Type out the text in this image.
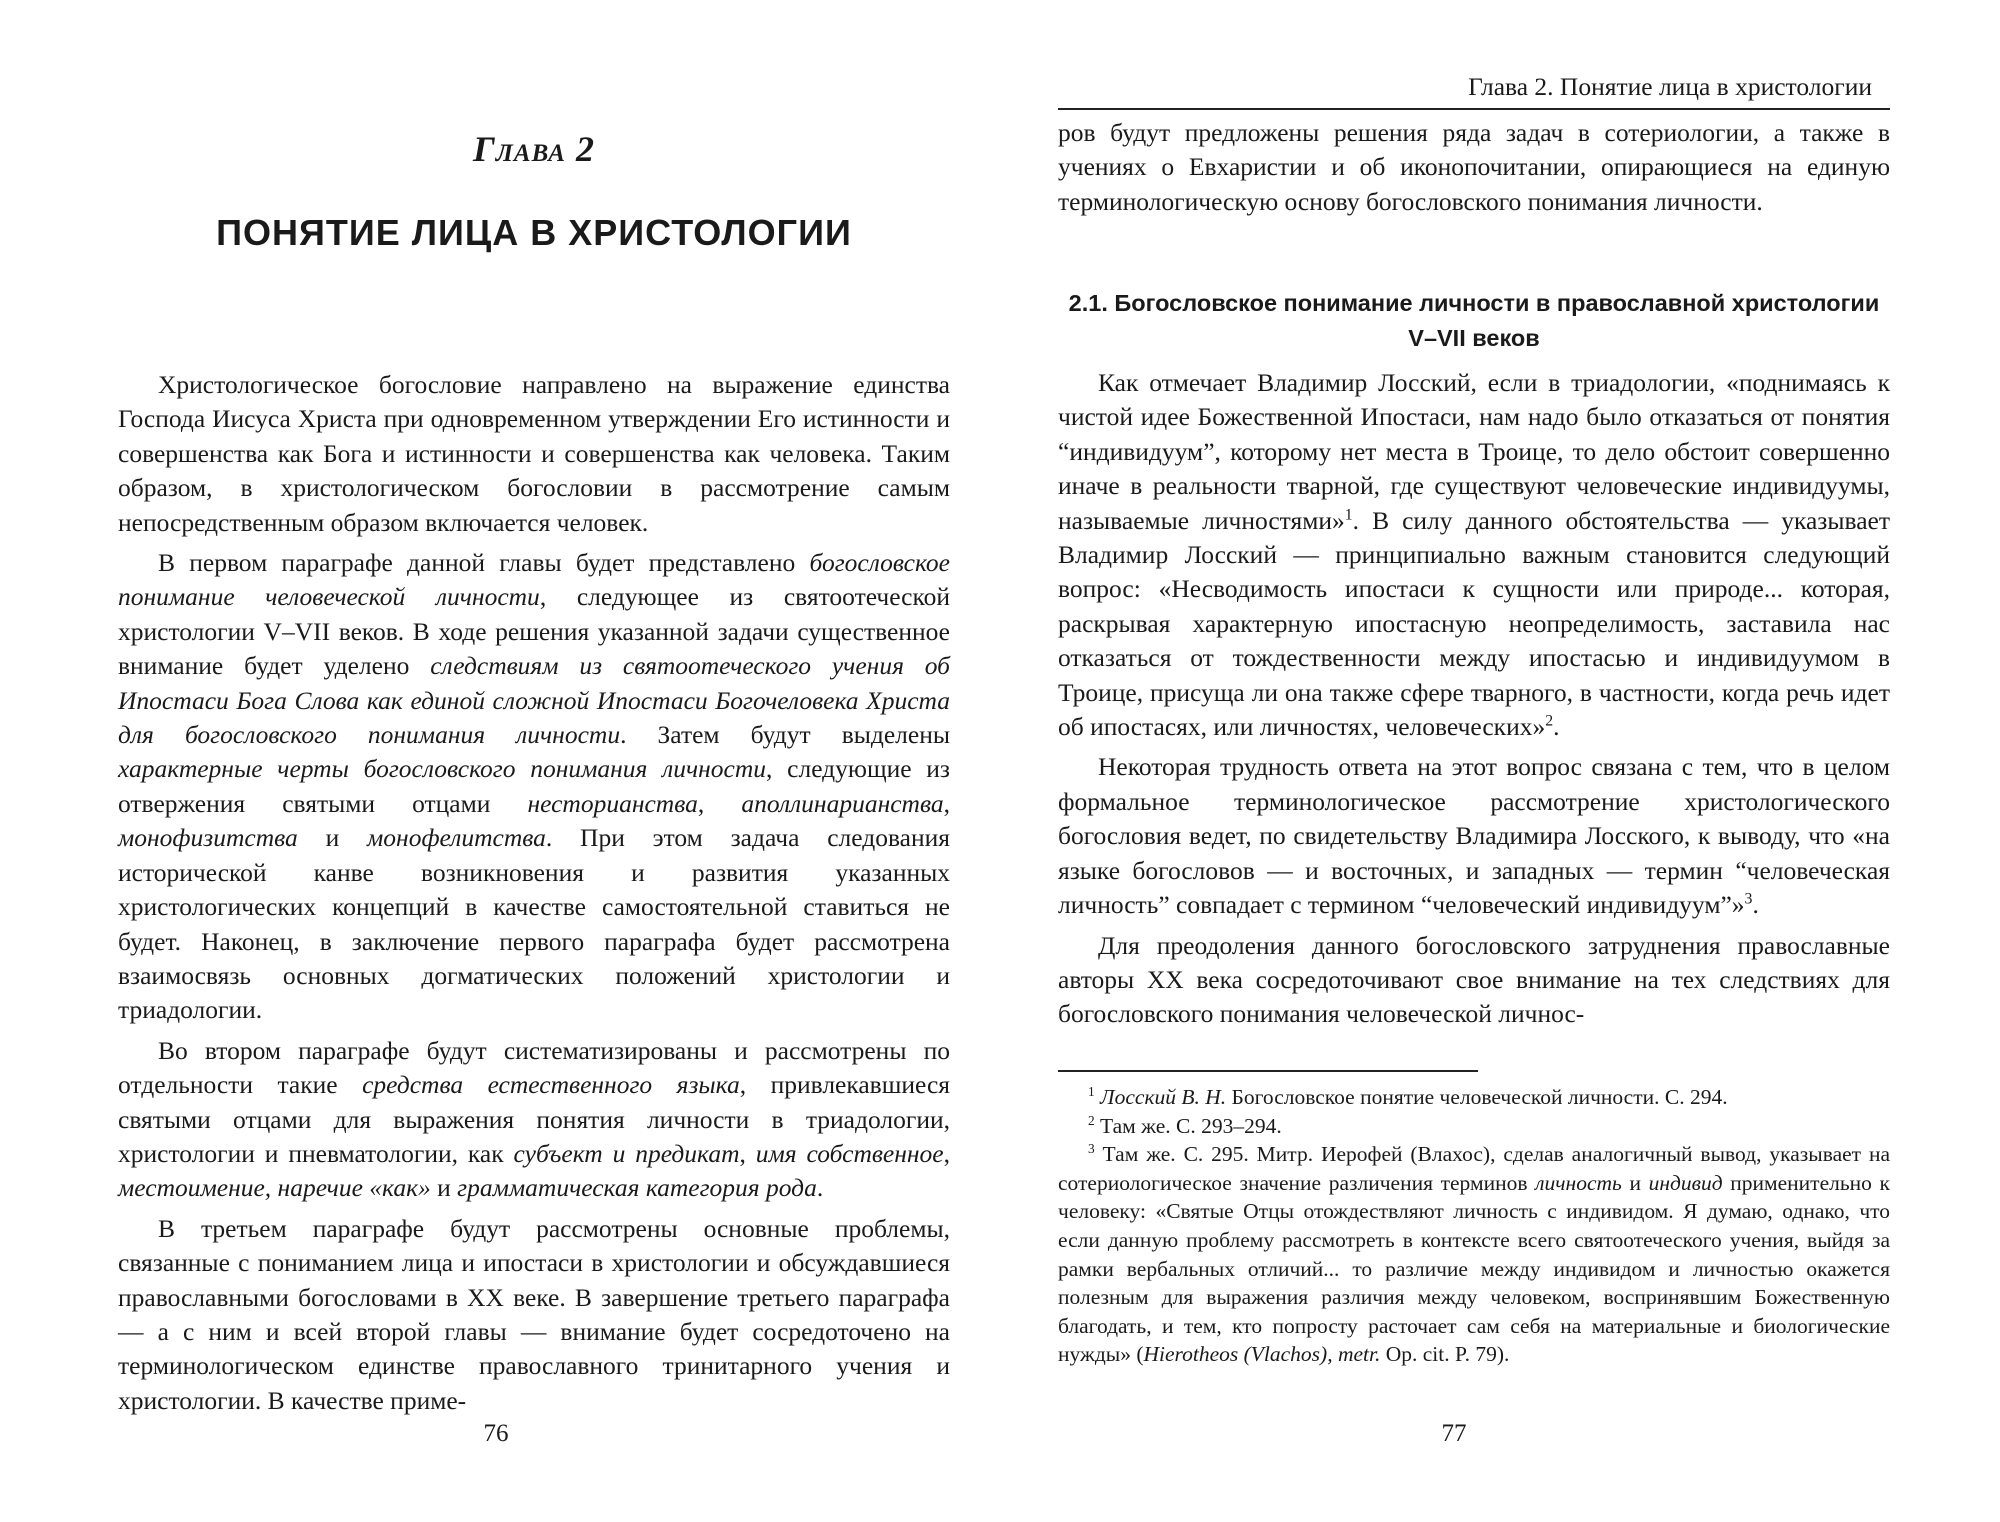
Глава 2
ПОНЯТИЕ ЛИЦА В ХРИСТОЛОГИИ

Христологическое богословие направлено на выражение единства Господа Иисуса Христа при одновременном утверждении Его истинности и совершенства как Бога и истинности и совершенства как человека. Таким образом, в христологическом богословии в рассмотрение самым непосредственным образом включается человек.

В первом параграфе данной главы будет представлено богословское понимание человеческой личности, следующее из святоотеческой христологии V–VII веков. В ходе решения указанной задачи существенное внимание будет уделено следствиям из святоотеческого учения об Ипостаси Бога Слова как единой сложной Ипостаси Богочеловека Христа для богословского понимания личности. Затем будут выделены характерные черты богословского понимания личности, следующие из отвержения святыми отцами несторианства, аполлинарианства, монофизитства и монофелитства. При этом задача следования исторической канве возникновения и развития указанных христологических концепций в качестве самостоятельной ставиться не будет. Наконец, в заключение первого параграфа будет рассмотрена взаимосвязь основных догматических положений христологии и триадологии.

Во втором параграфе будут систематизированы и рассмотрены по отдельности такие средства естественного языка, привлекавшиеся святыми отцами для выражения понятия личности в триадологии, христологии и пневматологии, как субъект и предикат, имя собственное, местоимение, наречие «как» и грамматическая категория рода.

В третьем параграфе будут рассмотрены основные проблемы, связанные с пониманием лица и ипостаси в христологии и обсуждавшиеся православными богословами в XX веке. В завершение третьего параграфа — а с ним и всей второй главы — внимание будет сосредоточено на терминологическом единстве православного тринитарного учения и христологии. В качестве приме-

76
Глава 2. Понятие лица в христологии

ров будут предложены решения ряда задач в сотериологии, а также в учениях о Евхаристии и об иконопочитании, опирающиеся на единую терминологическую основу богословского понимания личности.

2.1. Богословское понимание личности в православной христологии V–VII веков

Как отмечает Владимир Лосский, если в триадологии, «поднимаясь к чистой идее Божественной Ипостаси, нам надо было отказаться от понятия “индивидуум”, которому нет места в Троице, то дело обстоит совершенно иначе в реальности тварной, где существуют человеческие индивидуумы, называемые личностями»$^1$. В силу данного обстоятельства — указывает Владимир Лосский — принципиально важным становится следующий вопрос: «Несводимость ипостаси к сущности или природе... которая, раскрывая характерную ипостасную неопределимость, заставила нас отказаться от тождественности между ипостасью и индивидуумом в Троице, присуща ли она также сфере тварного, в частности, когда речь идет об ипостасях, или личностях, человеческих»$^2$.

Некоторая трудность ответа на этот вопрос связана с тем, что в целом формальное терминологическое рассмотрение христологического богословия ведет, по свидетельству Владимира Лосского, к выводу, что «на языке богословов — и восточных, и западных — термин “человеческая личность” совпадает с термином “человеческий индивидуум”»$^3$.

Для преодоления данного богословского затруднения православные авторы XX века сосредоточивают свое внимание на тех следствиях для богословского понимания человеческой личнос-

$^1$ Лосский В. Н. Богословское понятие человеческой личности. С. 294.

$^2$ Там же. С. 293–294.

$^3$ Там же. С. 295. Митр. Иерофей (Влахос), сделав аналогичный вывод, указывает на сотериологическое значение различения терминов личность и индивид применительно к человеку: «Святые Отцы отождествляют личность с индивидом. Я думаю, однако, что если данную проблему рассмотреть в контексте всего святоотеческого учения, выйдя за рамки вербальных отличий... то различие между индивидом и личностью окажется полезным для выражения различия между человеком, воспринявшим Божественную благодать, и тем, кто попросту расточает сам себя на материальные и биологические нужды» (Hierotheos (Vlachos), metr. Op. cit. P. 79).

77
